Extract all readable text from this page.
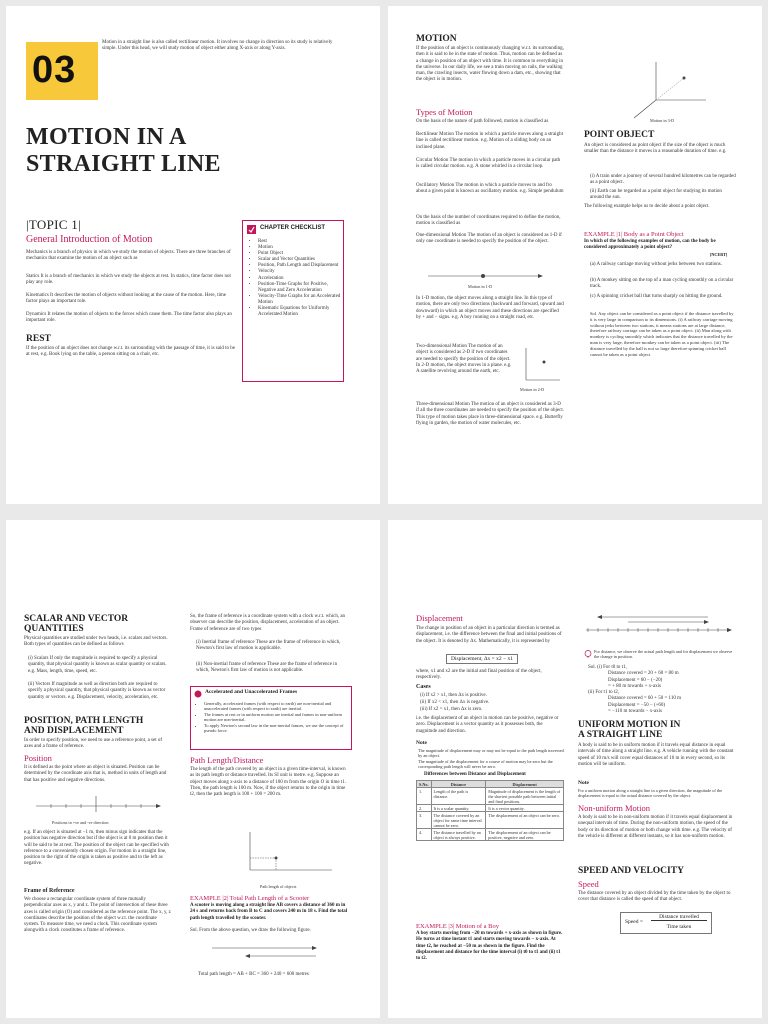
03
Motion in a straight line is also called rectilinear motion. It involves no change in direction so its study is relatively simple. Under this head, we will study motion of object either along X-axis or along Y-axis.
MOTION IN A
STRAIGHT LINE
|TOPIC 1|
General Introduction of Motion
Mechanics is a branch of physics in which we study the motion of objects. There are three branches of mechanics that examine the motion of an object such as
Statics It is a branch of mechanics in which we study the objects at rest. In statics, time factor does not play any role.
Kinematics It describes the motion of objects without looking at the cause of the motion. Here, time factor plays an important role.
Dynamics It relates the motion of objects to the forces which cause them. The time factor also plays an important role.
REST
If the position of an object does not change w.r.t. its surrounding with the passage of time, it is said to be at rest, e.g. Book lying on the table, a person sitting on a chair, etc.
CHAPTER CHECKLIST
• Rest
• Motion
• Point Object
• Scalar and Vector Quantities
• Position, Path Length and Displacement
• Velocity
• Acceleration
• Position-Time Graphs for Positive, Negative and Zero Acceleration
• Velocity-Time Graphs for an Accelerated Motion
• Kinematic Equations for Uniformly Accelerated Motion
MOTION
If the position of an object is continuously changing w.r.t. its surrounding, then it is said to be in the state of motion. Thus, motion can be defined as a change in position of an object with time. It is common to everything in the universe. In our daily life, we see a train moving on rails, the walking man, the crawling insects, water flowing down a dam, etc., showing that the object is in motion.
Types of Motion
On the basis of the nature of path followed, motion is classified as
Rectilinear Motion The motion in which a particle moves along a straight line is called rectilinear motion. e.g. Motion of a sliding body on an inclined plane.
Circular Motion The motion in which a particle moves in a circular path is called circular motion. e.g. A stone whirled in a circular loop.
Oscillatory Motion The motion in which a particle moves to and fro about a given point is known as oscillatory motion. e.g. Simple pendulum
On the basis of the number of coordinates required to define the motion, motion is classified as
One-dimensional Motion The motion of an object is considered as 1-D if only one coordinate is needed to specify the position of the object.
Motion in 1-D
In 1-D motion, the object moves along a straight line. In this type of motion, there are only two directions (backward and forward, upward and downward) in which an object moves and these directions are specified by + and − signs. e.g. A boy running on a straight road, etc.
Two-dimensional Motion The motion of an object is considered as 2-D if two coordinates are needed to specify the position of the object. In 2-D motion, the object moves in a plane. e.g. A satellite revolving around the earth, etc.
Motion in 2-D
Three-dimensional Motion The motion of an object is considered as 3-D if all the three coordinates are needed to specify the position of the object. This type of motion takes place in three-dimensional space. e.g. Butterfly flying in garden, the motion of water molecules, etc.
Motion in 3-D
POINT OBJECT
An object is considered as point object if the size of the object is much smaller than the distance it moves in a reasonable duration of time. e.g.
(i) A train under a journey of several hundred kilometres can be regarded as a point object.
(ii) Earth can be regarded as a point object for studying its motion around the sun.
The following example helps us to decide about a point object.
EXAMPLE |1| Body as a Point Object
In which of the following examples of motion, can the body be considered approximately a point object?
[NCERT]
(a) A railway carriage moving without jerks between two stations.
(b) A monkey sitting on the top of a man cycling smoothly on a circular track.
(c) A spinning cricket ball that turns sharply on hitting the ground.
Sol. Any object can be considered as a point object if the distance travelled by it is very large in comparison to its dimensions. (i) A railway carriage moving without jerks between two stations, it means stations are at large distance, therefore railway carriage can be taken as a point object. (ii) Man along with monkey is cycling smoothly which indicates that the distance travelled by the man is very large, therefore monkey can be taken as a point object. (iii) The distance travelled by the ball is not so large therefore spinning cricket ball cannot be taken as a point object.
SCALAR AND VECTOR
QUANTITIES
Physical quantities are studied under two heads, i.e. scalars and vectors. Both types of quantities can be defined as follows
(i) Scalars If only the magnitude is required to specify a physical quantity, that physical quantity is known as scalar quantity or scalars. e.g. Mass, length, time, speed, etc.
(ii) Vectors If magnitude as well as direction both are required to specify a physical quantity, that physical quantity is known as vector quantity or vectors. e.g. Displacement, velocity, acceleration, etc.
POSITION, PATH LENGTH
AND DISPLACEMENT
In order to specify position, we need to use a reference point, a set of axes and a frame of reference.
Position
It is defined as the point where an object is situated. Position can be determined by the coordinate axis that is, method in units of length and that has positive and negative directions.
Positions in +ve and -ve direction
e.g. If an object is situated at −1 m, then minus sign indicates that the position has negative direction but if the object is at 0 m position then it will be said to be at rest. The position of the object can be specified with reference to a conveniently chosen origin. For motion in a straight line, position to the right of the origin is taken as positive and to the left as negative.
Frame of Reference
We choose a rectangular coordinate system of three mutually perpendicular axes as x, y and z. The point of intersection of these three axes is called origin (O) and considered as the reference point. The x, y, z coordinates describe the position of the object w.r.t. the coordinate system. To measure time, we need a clock. This coordinate system alongwith a clock constitutes a frame of reference.
So, the frame of reference is a coordinate system with a clock w.r.t. which, an observer can describe the position, displacement, acceleration of an object. Frame of reference are of two types
(i) Inertial frame of reference These are the frame of reference in which, Newton's first law of motion is applicable.
(ii) Non-inertial frame of reference These are the frame of reference in which, Newton's first law of motion is not applicable.
Accelerated and Unaccelerated Frames
• Generally, accelerated frames (with respect to earth) are non-inertial and unaccelerated frames (with respect to earth) are inertial.
• The frames at rest or in uniform motion are inertial and frames in non-uniform motion are non-inertial.
• To apply Newton's second law in the non-inertial frames, we use the concept of pseudo force.
Path Length/Distance
The length of the path covered by an object in a given time-interval, is known as its path length or distance travelled. Its SI unit is metre. e.g. Suppose an object moves along x-axis to a distance of 100 m from the origin O in time t1. Then, the path length is 100 m. Now, if the object returns to the origin in time t2, then the path length is 100 + 100 = 200 m.
Path length of objects
EXAMPLE |2| Total Path Length of a Scooter
A scooter is moving along a straight line AB covers a distance of 360 m in 24 s and returns back from B to C and covers 240 m in 18 s. Find the total path length travelled by the scooter.
Sol. From the above question, we draw the following figure.
Total path length = AB + BC = 360 + 240 = 600 metres
Displacement
The change in position of an object in a particular direction is termed as displacement, i.e. the difference between the final and initial positions of the object. It is denoted by Δx. Mathematically, it is represented by
Displacement, Δx = x2 − x1
where, x1 and x2 are the initial and final position of the object, respectively.
Cases
(i) If x2 > x1, then Δx is positive.
(ii) If x2 < x1, then Δx is negative.
(iii) If x2 = x1, then Δx is zero.
i.e. the displacement of an object in motion can be positive, negative or zero. Displacement is a vector quantity as it possesses both, the magnitude and direction.
Note
The magnitude of displacement may or may not be equal to the path length traversed by an object.
The magnitude of the displacement for a course of motion may be zero but the corresponding path length will never be zero.
Differences between Distance and Displacement
S.No.	Distance	Displacement
1.	Length of the path is distance.	Magnitude of displacement is the length of the shortest possible path between initial and final positions.
2.	It is a scalar quantity.	It is a vector quantity.
3.	The distance covered by an object for same time interval cannot be zero.	The displacement of an object can be zero.
4.	The distance travelled by an object is always positive.	The displacement of an object can be positive, negative and zero.
EXAMPLE |3| Motion of a Boy
A boy starts moving from −20 m towards + x-axis as shown in figure. He turns at time instant t1 and starts moving towards − x-axis. At time t2, he reached at −50 m as shown in the figure. Find the displacement and distance for the time interval (i) t0 to t1 and (ii) t1 to t2.
For distance, we observe the actual path length and for displacement we observe the change in position.
Sol. (i) For t0 to t1,
Distance covered = 20 + 60 = 80 m
Displacement = 60 − (−20)
= + 80 m towards + x-axis
(ii) For t1 to t2,
Distance covered = 60 + 50 = 110 m
Displacement = −50 − (+60)
= −110 m towards − x-axis
UNIFORM MOTION IN
A STRAIGHT LINE
A body is said to be in uniform motion if it travels equal distance in equal intervals of time along a straight line. e.g. A vehicle running with the constant speed of 10 m/s will cover equal distances of 10 m in every second, so its motion will be uniform.
Note
For a uniform motion along a straight line in a given direction, the magnitude of the displacement is equal to the actual distance covered by the object.
Non-uniform Motion
A body is said to be in non-uniform motion if it travels equal displacement in unequal intervals of time. During the non-uniform motion, the speed of the body or its direction of motion or both change with time. e.g. The velocity of the vehicle is different at different instants, so it has non-uniform motion.
SPEED AND VELOCITY
Speed
The distance covered by an object divided by the time taken by the object to cover that distance is called the speed of that object.
Speed =
Distance travelled
Time taken
